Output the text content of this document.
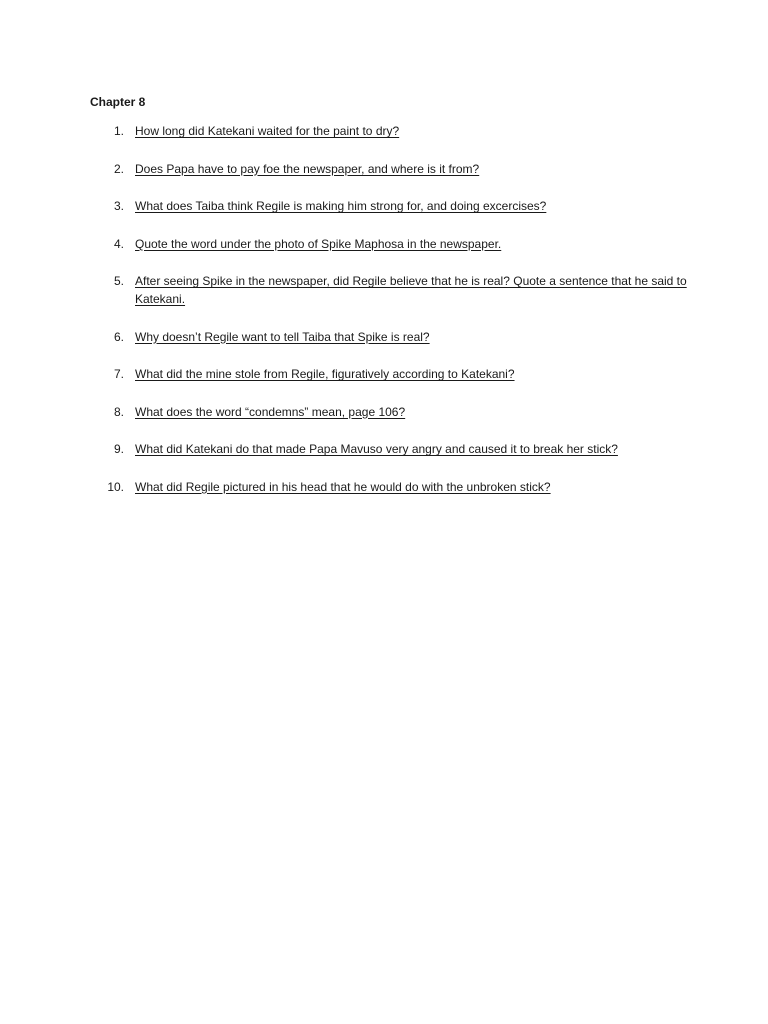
Chapter 8

1. How long did Katekani waited for the paint to dry?
2. Does Papa have to pay foe the newspaper, and where is it from?
3. What does Taiba think Regile is making him strong for, and doing excercises?
4. Quote the word under the photo of Spike Maphosa in the newspaper.
5. After seeing Spike in the newspaper, did Regile believe that he is real? Quote a sentence that he said to Katekani.
6. Why doesn’t Regile want to tell Taiba that Spike is real?
7. What did the mine stole from Regile, figuratively according to Katekani?
8. What does the word “condemns” mean, page 106?
9. What did Katekani do that made Papa Mavuso very angry and caused it to break her stick?
10. What did Regile pictured in his head that he would do with the unbroken stick?
